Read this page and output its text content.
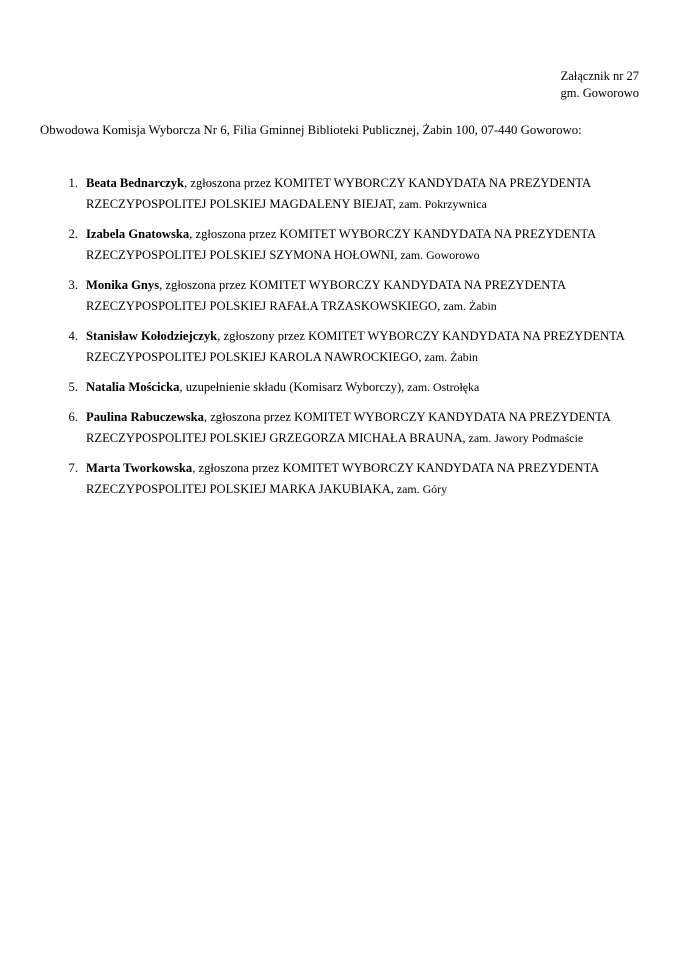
Załącznik nr 27
gm. Goworowo
Obwodowa Komisja Wyborcza Nr 6, Filia Gminnej Biblioteki Publicznej, Żabin 100, 07-440 Goworowo:
1. Beata Bednarczyk, zgłoszona przez KOMITET WYBORCZY KANDYDATA NA PREZYDENTA RZECZYPOSPOLITEJ POLSKIEJ MAGDALENY BIEJAT, zam. Pokrzywnica
2. Izabela Gnatowska, zgłoszona przez KOMITET WYBORCZY KANDYDATA NA PREZYDENTA RZECZYPOSPOLITEJ POLSKIEJ SZYMONA HOŁOWNI, zam. Goworowo
3. Monika Gnys, zgłoszona przez KOMITET WYBORCZY KANDYDATA NA PREZYDENTA RZECZYPOSPOLITEJ POLSKIEJ RAFAŁA TRZASKOWSKIEGO, zam. Żabin
4. Stanisław Kołodziejczyk, zgłoszony przez KOMITET WYBORCZY KANDYDATA NA PREZYDENTA RZECZYPOSPOLITEJ POLSKIEJ KAROLA NAWROCKIEGO, zam. Żabin
5. Natalia Mościcka, uzupełnienie składu (Komisarz Wyborczy), zam. Ostrołęka
6. Paulina Rabuczewska, zgłoszona przez KOMITET WYBORCZY KANDYDATA NA PREZYDENTA RZECZYPOSPOLITEJ POLSKIEJ GRZEGORZA MICHAŁA BRAUNA, zam. Jawory Podmaście
7. Marta Tworkowska, zgłoszona przez KOMITET WYBORCZY KANDYDATA NA PREZYDENTA RZECZYPOSPOLITEJ POLSKIEJ MARKA JAKUBIAKA, zam. Góry
